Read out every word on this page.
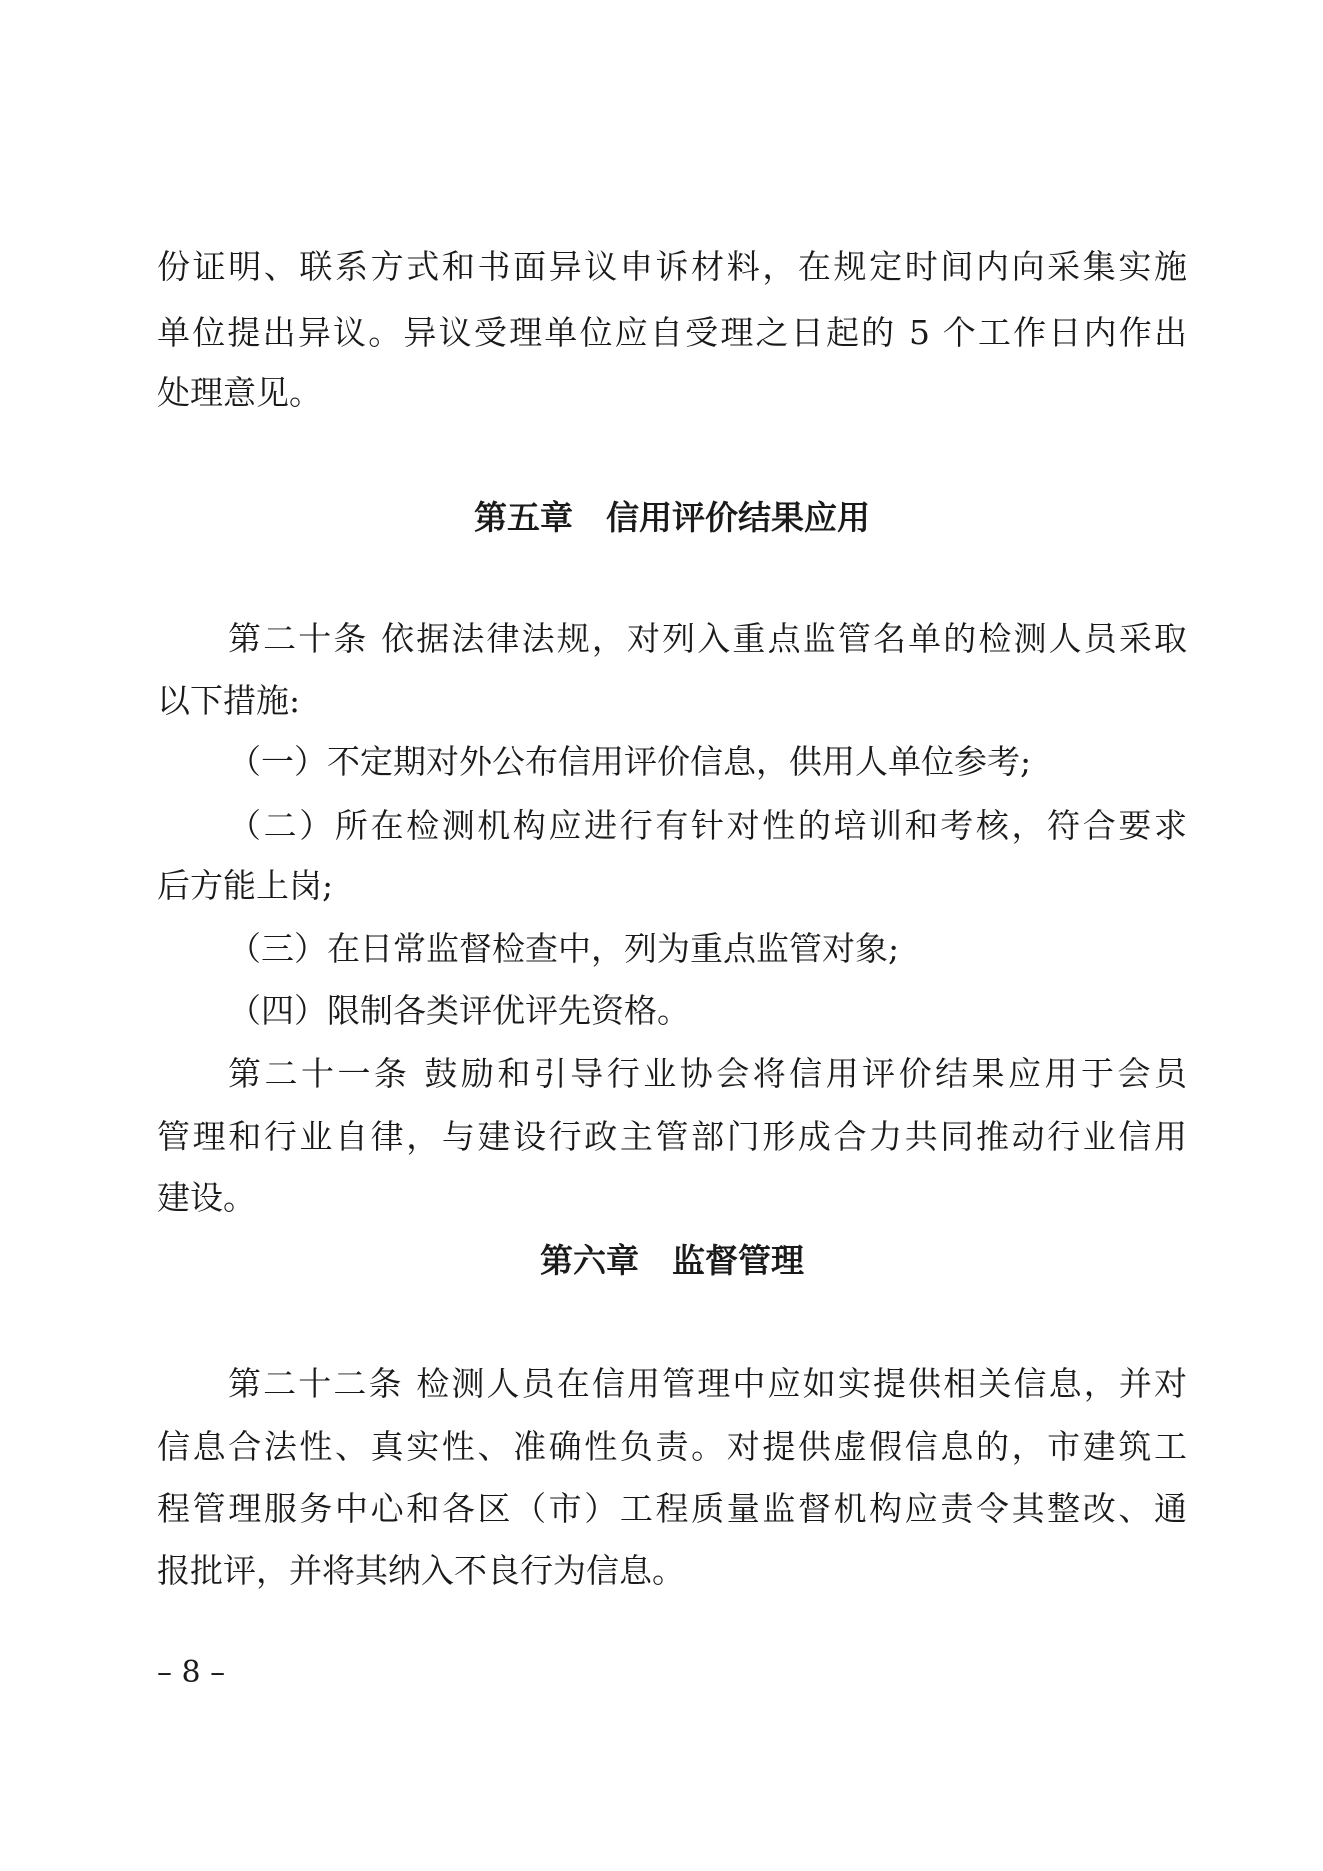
份证明、联系方式和书面异议申诉材料，在规定时间内向采集实施
单位提出异议。异议受理单位应自受理之日起的 5 个工作日内作出
处理意见。
第五章　信用评价结果应用
第二十条 依据法律法规，对列入重点监管名单的检测人员采取
以下措施:
（一）不定期对外公布信用评价信息，供用人单位参考;
（二）所在检测机构应进行有针对性的培训和考核，符合要求
后方能上岗;
（三）在日常监督检查中，列为重点监管对象;
（四）限制各类评优评先资格。
第二十一条 鼓励和引导行业协会将信用评价结果应用于会员
管理和行业自律，与建设行政主管部门形成合力共同推动行业信用
建设。
第六章　监督管理
第二十二条 检测人员在信用管理中应如实提供相关信息，并对
信息合法性、真实性、准确性负责。对提供虚假信息的，市建筑工
程管理服务中心和各区（市）工程质量监督机构应责令其整改、通
报批评，并将其纳入不良行为信息。
– 8 –
